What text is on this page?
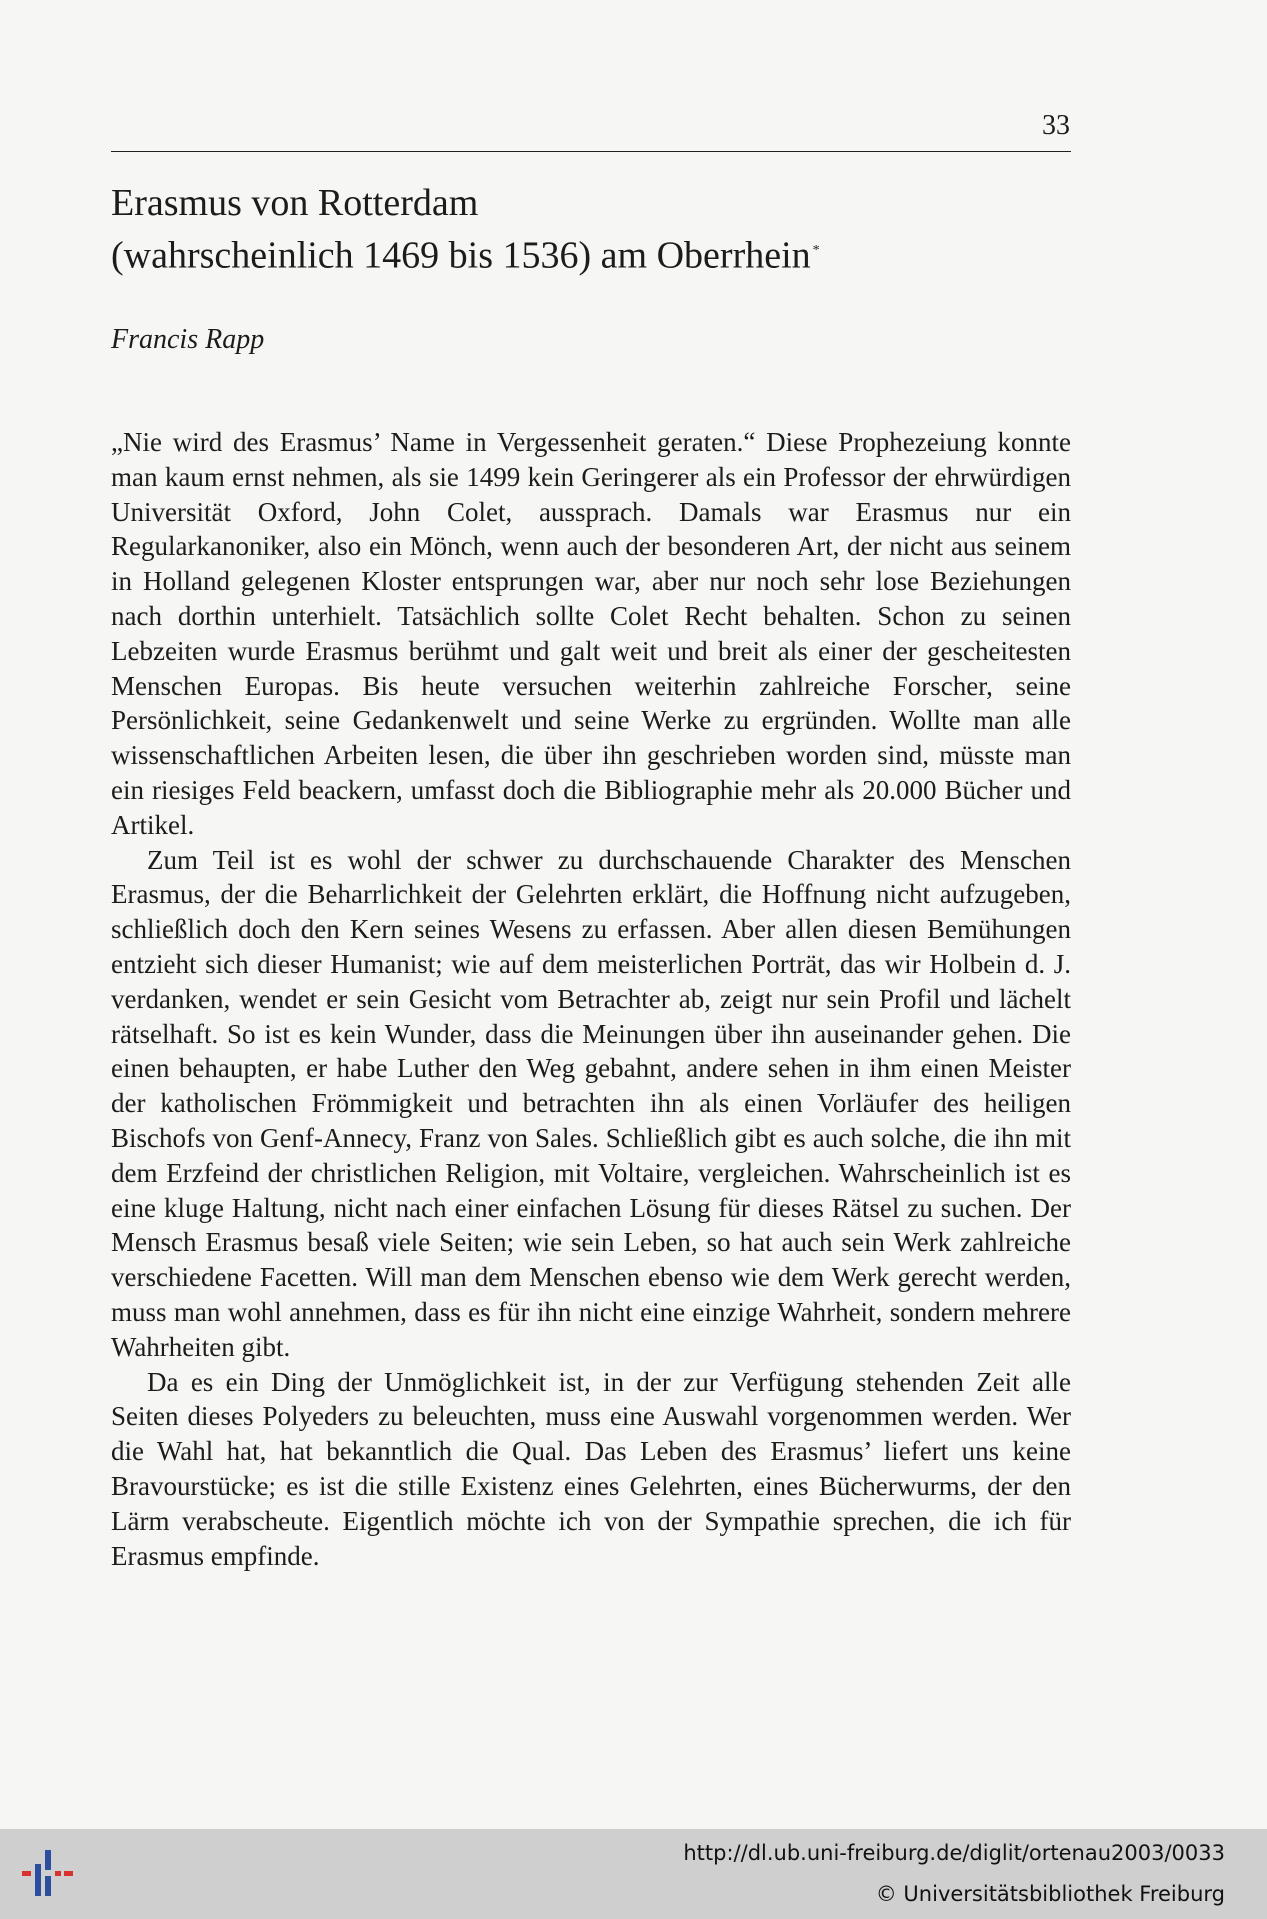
33
Erasmus von Rotterdam
(wahrscheinlich 1469 bis 1536) am Oberrhein *
Francis Rapp

„Nie wird des Erasmus’ Name in Vergessenheit geraten.“ Diese Prophezeiung konnte man kaum ernst nehmen, als sie 1499 kein Geringerer als ein Professor der ehrwürdigen Universität Oxford, John Colet, aussprach. Damals war Erasmus nur ein Regularkanoniker, also ein Mönch, wenn auch der besonderen Art, der nicht aus seinem in Holland gelegenen Kloster entsprungen war, aber nur noch sehr lose Beziehungen nach dorthin unterhielt. Tatsächlich sollte Colet Recht behalten. Schon zu seinen Lebzeiten wurde Erasmus berühmt und galt weit und breit als einer der gescheitesten Menschen Europas. Bis heute versuchen weiterhin zahlreiche Forscher, seine Persönlichkeit, seine Gedankenwelt und seine Werke zu ergründen. Wollte man alle wissenschaftlichen Arbeiten lesen, die über ihn geschrieben worden sind, müsste man ein riesiges Feld beackern, umfasst doch die Bibliographie mehr als 20.000 Bücher und Artikel.

Zum Teil ist es wohl der schwer zu durchschauende Charakter des Menschen Erasmus, der die Beharrlichkeit der Gelehrten erklärt, die Hoffnung nicht aufzugeben, schließlich doch den Kern seines Wesens zu erfassen. Aber allen diesen Bemühungen entzieht sich dieser Humanist; wie auf dem meisterlichen Porträt, das wir Holbein d. J. verdanken, wendet er sein Gesicht vom Betrachter ab, zeigt nur sein Profil und lächelt rätselhaft. So ist es kein Wunder, dass die Meinungen über ihn auseinander gehen. Die einen behaupten, er habe Luther den Weg gebahnt, andere sehen in ihm einen Meister der katholischen Frömmigkeit und betrachten ihn als einen Vorläufer des heiligen Bischofs von Genf-Annecy, Franz von Sales. Schließlich gibt es auch solche, die ihn mit dem Erzfeind der christlichen Religion, mit Voltaire, vergleichen. Wahrscheinlich ist es eine kluge Haltung, nicht nach einer einfachen Lösung für dieses Rätsel zu suchen. Der Mensch Erasmus besaß viele Seiten; wie sein Leben, so hat auch sein Werk zahlreiche verschiedene Facetten. Will man dem Menschen ebenso wie dem Werk gerecht werden, muss man wohl annehmen, dass es für ihn nicht eine einzige Wahrheit, sondern mehrere Wahrheiten gibt.

Da es ein Ding der Unmöglichkeit ist, in der zur Verfügung stehenden Zeit alle Seiten dieses Polyeders zu beleuchten, muss eine Auswahl vorgenommen werden. Wer die Wahl hat, hat bekanntlich die Qual. Das Leben des Erasmus’ liefert uns keine Bravourstücke; es ist die stille Existenz eines Gelehrten, eines Bücherwurms, der den Lärm verabscheute. Eigentlich möchte ich von der Sympathie sprechen, die ich für Erasmus empfinde.

http://dl.ub.uni-freiburg.de/diglit/ortenau2003/0033
© Universitätsbibliothek Freiburg
